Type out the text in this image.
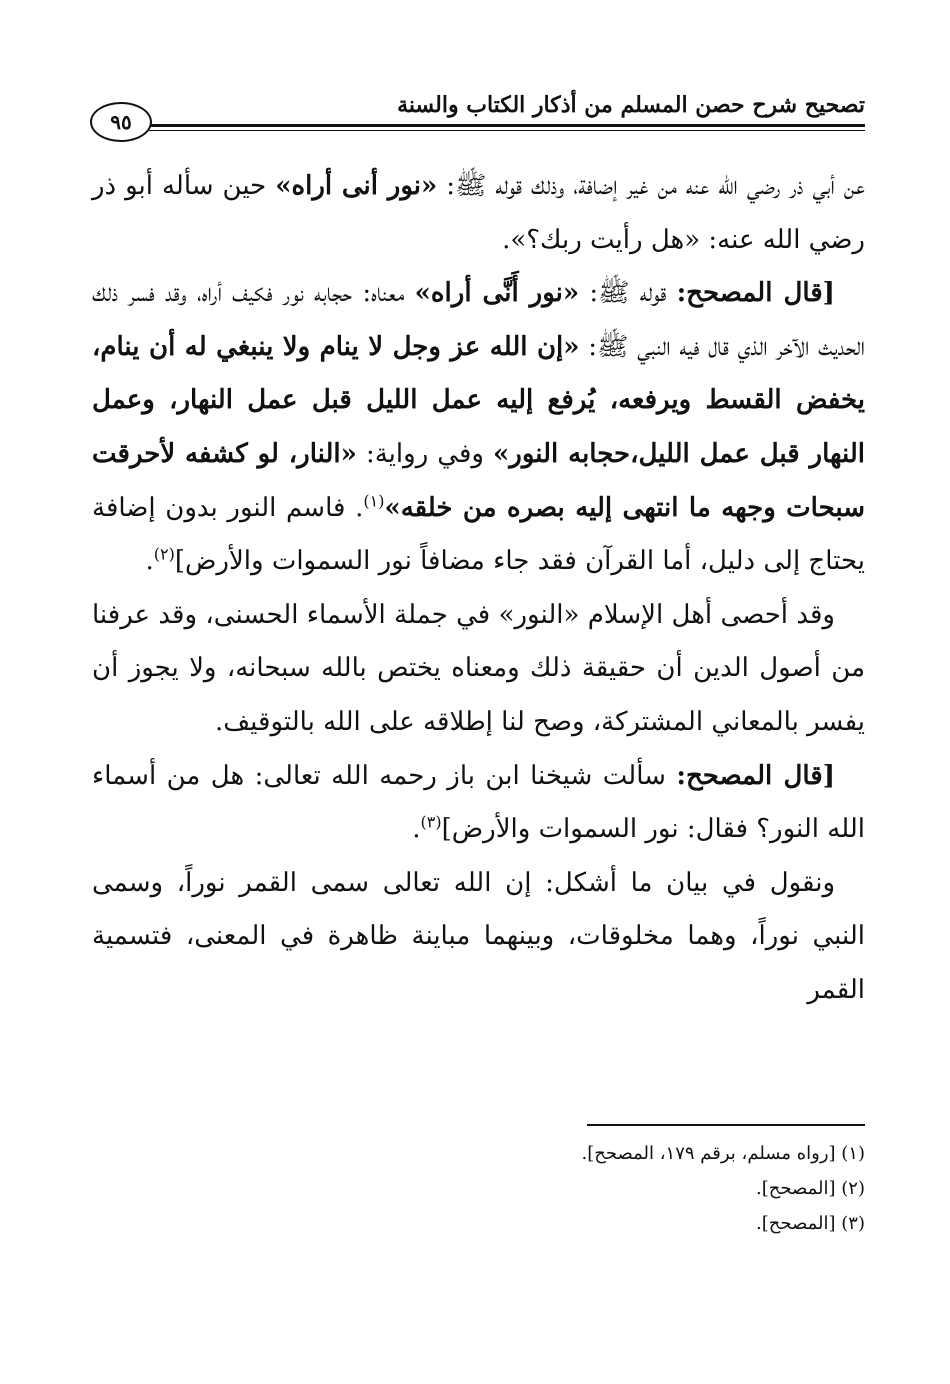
تصحيح شرح حصن المسلم من أذكار الكتاب والسنة
٩٥

عن أبي ذر رضي الله عنه من غير إضافة، وذلك قوله ﷺ: «نور أنى أراه» حين سأله أبو ذر رضي الله عنه: «هل رأيت ربك؟».

[قال المصحح: قوله ﷺ: «نور أَنَّى أراه» معناه: حجابه نور فكيف أراه، وقد فسر ذلك الحديث الآخر الذي قال فيه النبي ﷺ: «إن الله عز وجل لا ينام ولا ينبغي له أن ينام، يخفض القسط ويرفعه، يُرفع إليه عمل الليل قبل عمل النهار، وعمل النهار قبل عمل الليل،حجابه النور» وفي رواية: «النار، لو كشفه لأحرقت سبحات وجهه ما انتهى إليه بصره من خلقه»$^{(١)}$. فاسم النور بدون إضافة يحتاج إلى دليل، أما القرآن فقد جاء مضافاً نور السموات والأرض]$^{(٢)}$.

وقد أحصى أهل الإسلام «النور» في جملة الأسماء الحسنى، وقد عرفنا من أصول الدين أن حقيقة ذلك ومعناه يختص بالله سبحانه، ولا يجوز أن يفسر بالمعاني المشتركة، وصح لنا إطلاقه على الله بالتوقيف.

[قال المصحح: سألت شيخنا ابن باز رحمه الله تعالى: هل من أسماء الله النور؟ فقال: نور السموات والأرض]$^{(٣)}$.

ونقول في بيان ما أشكل: إن الله تعالى سمى القمر نوراً، وسمى النبي نوراً، وهما مخلوقات، وبينهما مباينة ظاهرة في المعنى، فتسمية القمر

(١) [رواه مسلم، برقم ١٧٩، المصحح].

(٢) [المصحح].

(٣) [المصحح].
